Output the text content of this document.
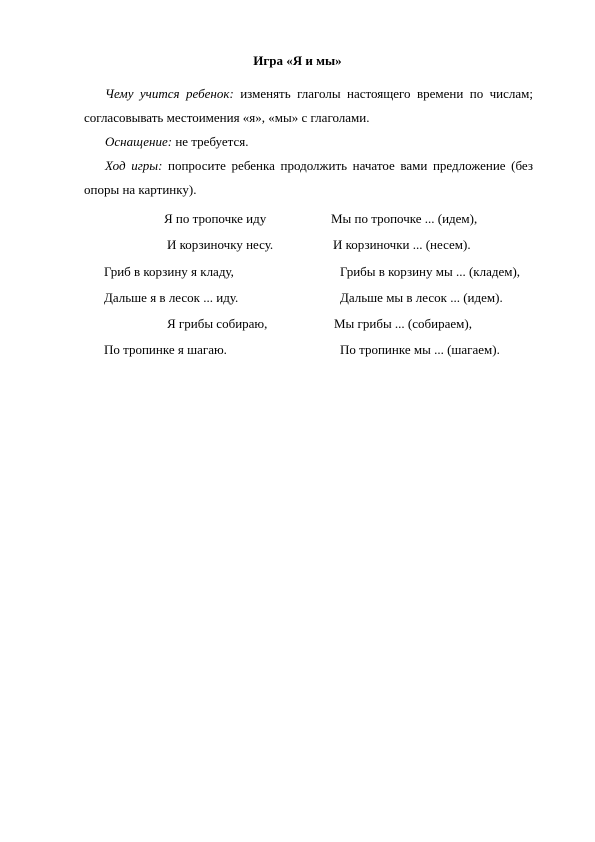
Игра «Я и мы»
Чему учится ребенок: изменять глаголы настоящего времени по числам; согласовывать местоимения «я», «мы» с глаголами.
Оснащение: не требуется.
Ход игры: попросите ребенка продолжить начатое вами предложение (без опоры на картинку).
Я по тропочке иду	Мы по тропочке ... (идем),
И корзиночку несу.	И корзиночки ... (несем).
Гриб в корзину я кладу,	Грибы в корзину мы ... (кладем),
Дальше я в лесок ... иду.	Дальше мы в лесок ... (идем).
Я грибы собираю,	Мы грибы ... (собираем),
По тропинке я шагаю.	По тропинке мы ... (шагаем).
